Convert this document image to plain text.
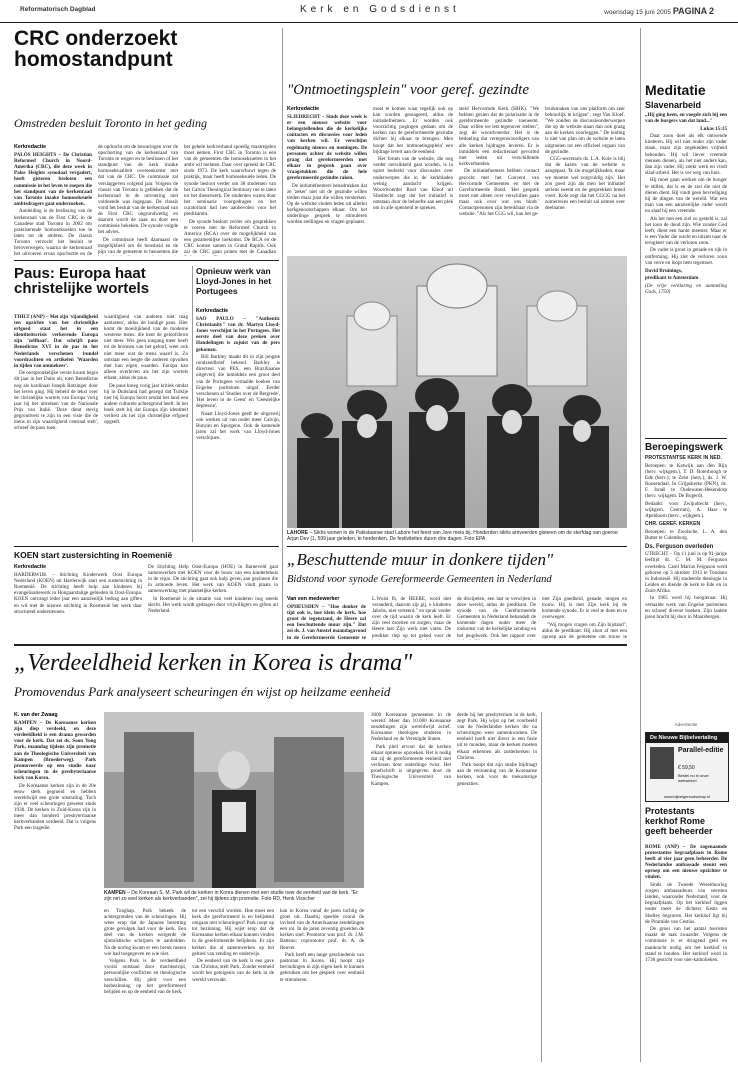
Reformatorisch Dagblad	Kerk en Godsdienst	woensdag 15 juni 2005 PAGINA 2
CRC onderzoekt homostandpunt
Omstreden besluit Toronto in het geding
Kerkredactie

PALOS HEIGHTS – De Christian Reformed Church in Noord-Amerika (CRC), die deze week in Palos Heights synodaal vergadert, heeft gisteren besloten een commissie in het leven te roepen die het standpunt van de kerkenraad van Toronto inzake homoseksuele ambtsdragers gaat onderzoeken.

Aanleiding is de beslissing van de kerkenraad van de First CRC in de Canadese stad Toronto in 2002 om praktiserende homoseksuelen toe te laten tot de ambten. De classis Toronto verzocht het besluit te heroverwegen, waarna de kerkenraad het uitvoeren ervan opschortte en de

de opdracht om de bewaringen over de opschorting van de kerkenraad van Toronto te wegen en te beslissen of het standpunt van de kerk inzake homoseksualiteit overeenkomst met dat van de CRC. De commissie zal verslaggeven volgend jaar. Volgens de classis van Toronto is gebleken dat de kerkenraad in de uitvoering niet voldoende was ingegaan. De classis vond het besluit van de kerkenraad van de First CRC ongrondwettig en daarom wordt de zaak nu door een commissie bekeken. De synode volgde het advies.

De commissie heeft daarnaast de mogelijkheid om de boosheid en de pijn van de gemeente te benoemen die

het gehele kerkverband spoedig maatregelen moet nemen. First CRC in Toronto is een van de gemeenten die homoseksuelen in het ambt wil toelaten. Daar over spreekt de CRC sinds 1973. De kerk waarschuwt tegen de praktijk, maar heeft homoseksuele leden. De synode besloot verder om 38 studenten van het Calvin Theological Seminary toe te laten tot het dienstwerk. De studenten waren door het seminarie voorgedragen en het curatorium had hen aanbevolen voor het predikambt.

De synode besloot verder om gesprekken te voeren met de Reformed Church in America (RCA) over de mogelijkheid van een gezamenlijke toekomst. De RCA en de CRC komen samen in Grand Rapids. Ook zal de CRC gaan praten met de Canadian

Paus: Europa haat christelijke wortels

TIHLT (ANP) – Met zijn 'vijandigheid ten opzichte van het christelijke erfgoed staat het in een identiteitscrisis verkerende Europa zijn 'zelfhaat'. Dat schrijft paus Benedictus XVI in de pas in het Nederlands verschenen bundel voordrachten en artikelen 'Waarden in tijden van ommekeer'.

De oorspronkelijke versie kwam begin dit jaar in het Duits uit, toen Benedictus nog als kardinaal Joseph Ratzinger door het leven ging. Hij beheld de tekst over de christelijke wortels van Europa vorig jaar bij het uitreiken van de Nationale Prijs van Italië. 'Deze dient stevig gegrondvest te zijn in een visie die de mens in zijn waardigheid centraal stelt', schreef de paus toen.

waardigheid van anderen niet mag aantasten', aldus de huidige paus. Hier komt de moeilijkheid van de moderne westerse mens: die kent de geloofsbron niet meer. Wie geen toegang meer heeft tot de bronnen van het geloof, weet ook niet meer wat de mens waard is. Zo ontstaat een leegte die anderen opvullen met hun eigen waarden. Europa kan alleen overleven als het zijn wortels erkent, aldus de paus.

De paus kreeg vorig jaar kritiek omdat hij in Duitsland had gezegd dat Turkije niet bij Europa hoort omdat het land een andere culturele achtergrond heeft. In het boek stelt hij dat Europa zijn identiteit verliest als het zijn christelijke erfgoed opgeeft.

Opnieuw werk van Lloyd-Jones in het Portugees
Kerkredactie

SAO PAULO – "Authentic Christianity" van dr. Martyn Lloyd-Jones verschijnt in het Portugees. Het eerste deel van deze preken over Handelingen is zojuist van de pers gekomen.

Bill Barkley maakt dit in zijn jongste rondzendbrief bekend. Barkley is directeur van PES, een Braziliaanse uitgeverij die inmiddels een groot deel van de Portugees vertaalde boeken van Engelse puriteinen uitgaf. Eerder verschenen al 'Studies over de Bergrede', 'Het leven in de Geest' en 'Geestelijke depressie'.

Naast Lloyd-Jones geeft de uitgeverij ook werken uit van onder meer Calvijn, Bunyan en Spurgeon. Ook de komende jaren zal het werk van Lloyd-Jones verschijnen.

KOEN start zustersichting in Roemenië
Kerkredactie

HARDERWIJK – Stichting Kinderwerk Oost Europa Nederland (KOEN) uit Harderwijk start een zustersichting in Roemenië. De stichting heeft hulp aan kinderen bij evangelisatiewerk in Hongaarstalige gebieden in Oost-Europa. KOEN ontvangt ieder jaar een aanzienlijk bedrag aan giften en wil met de nieuwe stichting in Roemenië het werk daar structureel ondersteunen.

De Stichting Help Oost-Europa (HOE) in Barneveld gaat samenwerken met KOEN voor de bouw van een kindertehuis in de regio. De stichting gaat ook hulp geven aan gezinnen die in armoede leven. Het werk van KOEN vindt plaats in samenwerking met plaatselijke kerken.

In Roemenië is de situatie van veel kinderen nog steeds slecht. Het werk wordt gedragen door vrijwilligers en giften uit Nederland.

"Ontmoetingsplein" voor geref. gezindte
Kerkredactie

SLIEDRECHT – Sinds deze week is er een nieuwe website voor belangstellenden die de kerkelijke contacten en discussies voor leden van kerken wil. Er verschijnt regelmatig nieuws en meningen. De personen achter de website willen graag dat gereformeerden met elkaar in gesprek gaan over vraagstukken die de hele gereformeerde gezindte raken.

De initiatiefnemers benadrukken dat ze 'zeker' niet uit de gezindte willen treden maar juist die willen versterken. Op de website vinden leden uit allerlei kerkgenootschappen elkaar. Om het onderlinge gesprek te stimuleren worden stellingen en vragen geplaatst.

moet te komen waar tegelijk ook op kan worden gereageerd, aldus de initiatiefnemers. Er worden ook voorzichtig pogingen gedaan om de kerken van de gereformeerde gezindte dichter bij elkaar te brengen. Men hoopt dat het 'ontmoetingsplein' een bijdrage levert aan de eenheid.

Het forum van de website, die nog verder ontwikkeld gaat worden, is in opzet bedoeld voor discussies over onderwerpen die in de kerkbladen weinig aandacht krijgen. Woordvoerder Roel van Kloof uit Sliedrecht zegt dat het initiatief is ontstaan door de behoefte aan een plek om in alle openheid te spreken.

steld Hervormde Kerk (HHK). "We hebben gezien dat de polarisatie in de gereformeerde gezindte toeneemt. Daar willen we iets tegenover stellen", zegt de woordvoerder. Het is de bedoeling dat vertegenwoordigers van alle kerken bijdragen leveren. Er is inmiddels een redactieraad gevormd met leden uit verschillende kerkverbanden.

De initiatiefnemers hebben contact gezocht met het Convent van Hervormde Gemeenten en met de Gereformeerde Bond. 'Het gesprek moet niet alleen over verschillen gaan maar ook over wat ons bindt.' Contactpersonen zijn bereikbaar via de website. "Als het CGG wil, kan het ge-

bruikmaken van ons platform om zeer behoorlijk te krijgen", zegt Van Kloef. "We zouden de discussieonderwerpen die op de website staan dan ook graag aan de kerken voorleggen." De leiding is niet van plan om de website te laten uitgroeien tot een officieel orgaan van de gezindte.

CGG-secretaris ds. L.A. Kole is blij dat de kaarts van de website is aangepast. 'Ik zie mogelijkheden, maar we moeten wel zorgvuldig zijn.' Het zou goed zijn als men het initiatief serieus neemt en de gesprekken breed voert. Kole zegt dat het CGGG na het zomerreces een besluit zal nemen over deelname.

LAHORE – Sikhs wonen in de Pakistaanse stad Lahore het feest van Jore mela bij. Honderden sikhs arriveerden gisteren om de sterfdag van goeroe Arjan Dev (1, 599 jaar geleden, te herdenken. De festiviteiten duren drie dagen. Foto EPA
„Beschuttende muur in donkere tijden"
Bidstond voor synode Gereformeerde Gemeenten in Nederland
Van een medewerker

OPHEUSDEN – "Hoe donker de tijd ook is, hoe klein de kerk, hoe groot de tegenstand, de Heere zal een beschuttende muur zijn." Dat zei ds. J. van Amstel maandagavond in de Gereformeerde Gemeente te

L.Wuist fb, de HEERE, word niet veranderd, daarom zijt gij, o kinderen Jakobs, niet verteerd." en sprak verder over de tijd waarin de kerk leeft. Er zijn veel moeiten en zorgen, maar de Heere laat Zijn werk niet varen. De prediker riep op tot gebed voor de

de discipelen, een last te verwijten in deze wereld, aldus de predikant. De synode van de Gereformeerde Gemeenten in Nederland behandelt de komende dagen onder meer de toekomst van de kerkelijke zending en het jeugdwerk. Ook het rapport over

met Zijn goedheid, genade, mogen en trouw. Hij is met Zijn kerk bij de komende synode. Er is veel te doen en te overwegen.

"Wij mogen vragen om Zijn bijstand", aldus de predikant. Hij sloot af met een oproep aan de gemeente om trouw te

„Verdeeldheid kerken in Korea is drama"
Promovendus Park analyseert scheuringen én wijst op heilzame eenheid
K. van der Zwaag

KAMPEN – De Koreaanse kerken zijn diep verdeeld, en deze verdeeldheid is een drama geworden voor de kerk. Dat zei ds. Soon Yong Park, maandag tijdens zijn promotie aan de Theologische Universiteit van Kampen (Broederweg). Park promoveerde op een studie naar scheuringen in de presbyteriaanse kerk van Korea.

De Koreaanse kerken zijn in de 20e eeuw sterk gegroeid en hebben wereldwijd een grote uitstraling. Toch zijn er veel scheuringen geweest sinds 1938. De kerken in Zuid-Korea zijn in meer dan honderd presbyteriaanse kerkverbanden verdeeld. Dat is volgens Park een tragedie.

KAMPEN – De Koreaan S. M. Park wil de kerken in Korea dienen met een studie over de eenheid van de kerk. "Er zijn net zo veel kerken als kerkverbanden", zei hij tijdens zijn promotie. Foto RD, Henk Visscher

en Tonghap. Park bekeek de achtergronden van de scheuringen. Hij wees erop dat de Japanse bezetting grote gevolgen had voor de kerk. Een deel van de kerken weigerde de sjintoïstische schrijnen te aanbidden. Na de oorlog kwam er een breuk tussen wie had toegegeven en wie niet.

Volgens Park is de verdeeldheid vooral ontstaan door machtsstrijd, persoonlijke conflicten en theologische verschillen. Hij pleit voor een herbezinning op het gereformeerd belijden en op de eenheid van de kerk.

tot een verschil worden. Hoe moet een kerk die gereformeerd is en belijdend omgaan met scheuringen? Park roept op tot bezinning. Hij wijst erop dat de Koreaanse kerken elkaar kunnen vinden in de gereformeerde belijdenis. Er zijn kerken die al samenwerken op het gebied van zending en onderwijs.

De eenheid van de kerk is een gave van Christus, stelt Park. Zonder eenheid wordt het getuigenis van de kerk in de wereld verzwakt.

kan in Korea vanaf de jaren tachtig de groei uit. Daarbij speelde vooral de invloed van de Amerikaanse zendelingen een rol. In de jaren zeventig groeiden de kerken snel. Promotor was prof. dr. J.M. Batteau; copromotor prof. dr. A. de Reuver.

Park heeft een lange geschiedenis van pastoraat in Korea. Hij hoopt zijn bevindingen in zijn eigen kerk te kunnen gebruiken om het gesprek over eenheid te stimuleren.

3000 Koreaanse gemeenten in de wereld. Meer dan 10.000 Koreaanse zendelingen zijn wereldwijd actief. Koreaanse theologen studeren in Nederland en de Verenigde Staten.

Park pleit ervoor dat de kerken elkaar opnieuw opzoeken. Het is nodig dat zij de gereformeerde eenheid niet verliezen door onderlinge twist. Het proefschrift is uitgegeven door de Theologische Universiteit van Kampen.

derde bij het presbyterium in de kerk, zegt Park. Hij wijst op het voorbeeld van de Nederlandse kerken die na scheuringen weer samenkwamen. De eenheid hoeft niet direct in een fusie uit te monden, maar de kerken moeten elkaar erkennen als zusterkerken in Christus.

Park hoopt dat zijn studie bijdraagt aan de verzoening van de Koreaanse kerken, ook voor de toekomstige generaties.

Meditatie
Slavenarbeid

„Hij ging heen, en voegde zich bij een van de burgers van dat land..."

Lukas 15:15

Daar zoon doet als elk ontwende kinderen. Hij wil niet onder zijn vader staan, maar zijn zegeketden vrijheid behouden. Hij wil liever vreemde mensen dienen, als het niet anders kan, dan zijn vader. Hij zoekt werk en vindt slaaf-arbeid. Het is ver weg van huis.

Hij moet gaan werken om de honger te stillen, dat is en de ziel die niet de dieren dient. Hij vindt geen bevrediging bij de dingen van de wereld. Wat een man van een aanzienlijke vader wordt nu slaaf bij een vreemde.

Als het met een ziel zo gesteld is, zal het loon de dood zijn. Wie zonder God leeft, dient een harde meester. Maar er is een Vader die wacht en uitziet naar de terugkeer van de verloren zoon.

De vader is groot in genade en rijk in ontferming. Hij ziet de verloren zoon van verre en loopt hem tegemoet.

David Bruinings,

predikant te Amsterdam

(De vrije verklaring en aanmeling Gods, 1750)

Beroepingswerk

PROTESTANTSE KERK IN NED.

Beroepen: te Katwijk aan den Rijn (herv. wijkgem.), T. D. Boterboogh te Ede (herv.); te Zeist (herv.), ds. J. W. Roosendaal. In Grijpskerke (PKN), ds. F. Israël te Oudewater-Hekendorp (herv. wijkgem. De Bogerd).

Bedankt: voor Zwijndrecht (herv., wijkgem. Centrum), A. Haar te Apeldoorn (herv., wijkgem.).

CHR. GEREF. KERKEN

Beroepen: te Zwolsche, L. A. den Butter te Culemborg.

Ds. Ferguson overleden

UTRECHT – Op 11 juni is op 91-jarige leeftijd dr. C. M. M. Ferguson overleden. Carel Marius Ferguson werd geboren op 3 oktober 1913 te Tondano in Indonesië. Hij studeerde theologie in Leiden en diende de kerk te Ede en in Zuid-Afrika.

In 1965 werd hij hoogleraar. Hij vertaalde werk van Engelse puriteinen en schreef diverse boeken. Zijn laatste jaren bracht hij door in Maarsbergen.

Advertentie
De Nieuwe Bijbelvertaling
Parallel-editie
€ 59,50
Bestel nu in onze webwinkel
www.bijbelgenootschap.nl
Protestants kerkhof Rome geeft beheerder

ROME (ANP) – De zogenaamde protestantse begraafplaats in Rome heeft al vier jaar geen beheerder. De Nederlandse ambassade steunt een oproep om een nieuwe opzichter te vinden.

Sinds de Tweede Wereldoorlog zorgen ambassadeurs van veertien landen, waaronder Nederland, voor de begraafplaats. Op het kerkhof liggen onder meer de dichters Keats en Shelley begraven. Het kerkhof ligt bij de Piramide van Cestius.

De groei van het aantal toeristen maakt de taak zwaarder. Volgens de commissie is er dringend geld en mankracht nodig om het kerkhof in stand te houden. Het kerkhof werd in 1738 gesticht voor niet-katholieken.
